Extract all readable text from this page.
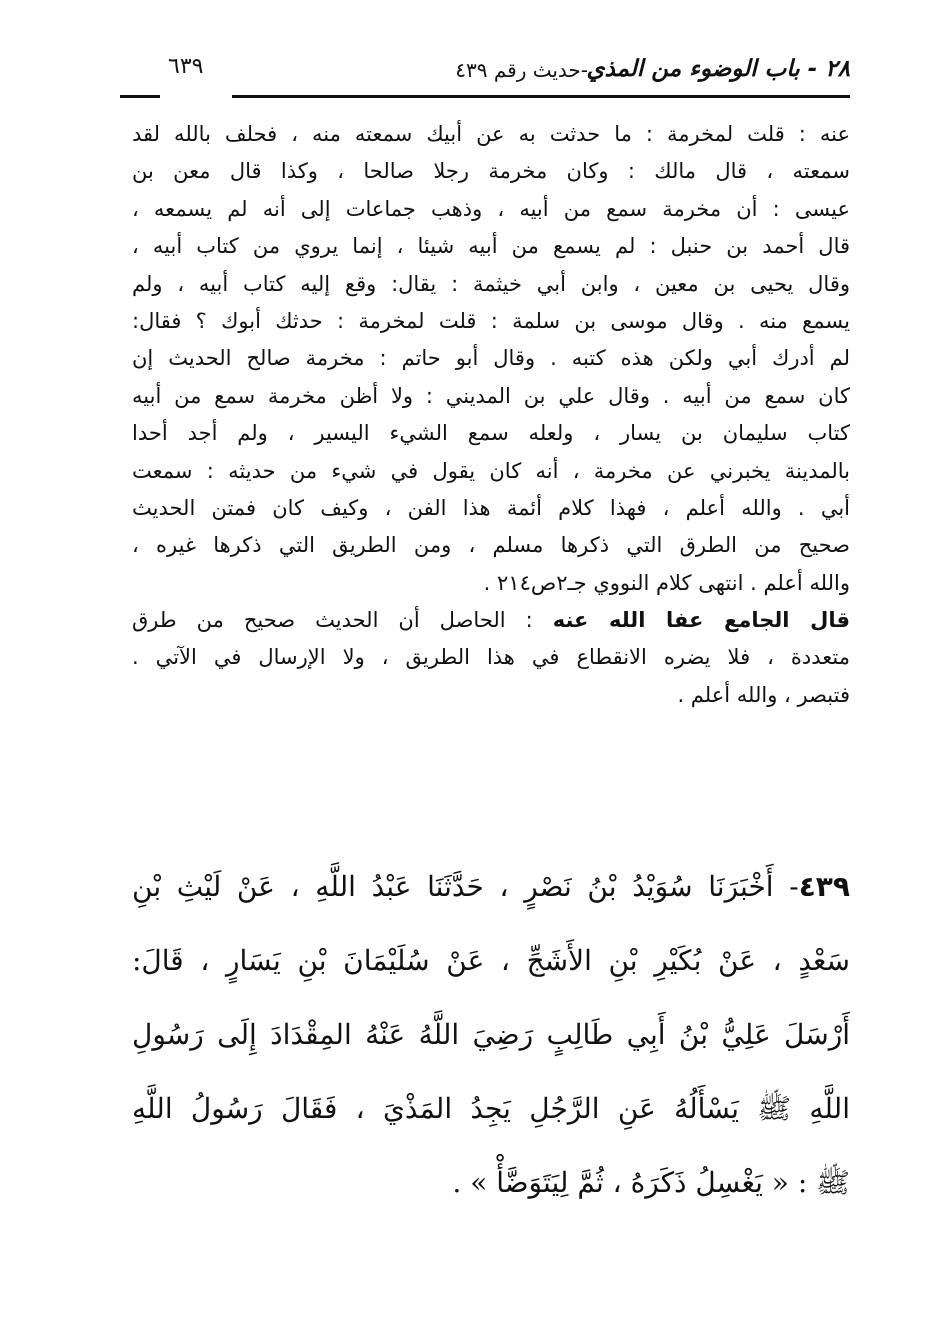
٢٨ - باب الوضوء من المذي
-حديث رقم ٤٣٩
٦٣٩
عنه : قلت لمخرمة : ما حدثت به عن أبيك سمعته منه ، فحلف بالله لقد
سمعته ، قال مالك : وكان مخرمة رجلا صالحا ، وكذا قال معن بن
عيسى : أن مخرمة سمع من أبيه ، وذهب جماعات إلى أنه لم يسمعه ،
قال أحمد بن حنبل : لم يسمع من أبيه شيئا ، إنما يروي من كتاب أبيه ،
وقال يحيى بن معين ، وابن أبي خيثمة : يقال: وقع إليه كتاب أبيه ، ولم
يسمع منه . وقال موسى بن سلمة : قلت لمخرمة : حدثك أبوك ؟ فقال:
لم أدرك أبي ولكن هذه كتبه . وقال أبو حاتم : مخرمة صالح الحديث إن
كان سمع من أبيه . وقال علي بن المديني : ولا أظن مخرمة سمع من أبيه
كتاب سليمان بن يسار ، ولعله سمع الشيء اليسير ، ولم أجد أحدا
بالمدينة يخبرني عن مخرمة ، أنه كان يقول في شيء من حديثه : سمعت
أبي . والله أعلم ، فهذا كلام أئمة هذا الفن ، وكيف كان فمتن الحديث
صحيح من الطرق التي ذكرها مسلم ، ومن الطريق التي ذكرها غيره ،
والله أعلم . انتهى كلام النووي جـ٢ص٢١٤ .
قال الجامع عفا الله عنه : الحاصل أن الحديث صحيح من طرق
متعددة ، فلا يضره الانقطاع في هذا الطريق ، ولا الإرسال في الآتي .
فتبصر ، والله أعلم .
٤٣٩- أَخْبَرَنَا سُوَيْدُ بْنُ نَصْرٍ ، حَدَّثَنَا عَبْدُ اللَّهِ ، عَنْ لَيْثِ بْنِ
سَعْدٍ ، عَنْ بُكَيْرِ بْنِ الأَشَجِّ ، عَنْ سُلَيْمَانَ بْنِ يَسَارٍ ، قَالَ:
أَرْسَلَ عَلِيُّ بْنُ أَبِي طَالِبٍ رَضِيَ اللَّهُ عَنْهُ المِقْدَادَ إِلَى رَسُولِ
اللَّهِ ﷺ يَسْأَلُهُ عَنِ الرَّجُلِ يَجِدُ المَذْيَ ، فَقَالَ رَسُولُ اللَّهِ
ﷺ : « يَغْسِلُ ذَكَرَهُ ، ثُمَّ لِيَتَوَضَّأْ » .
